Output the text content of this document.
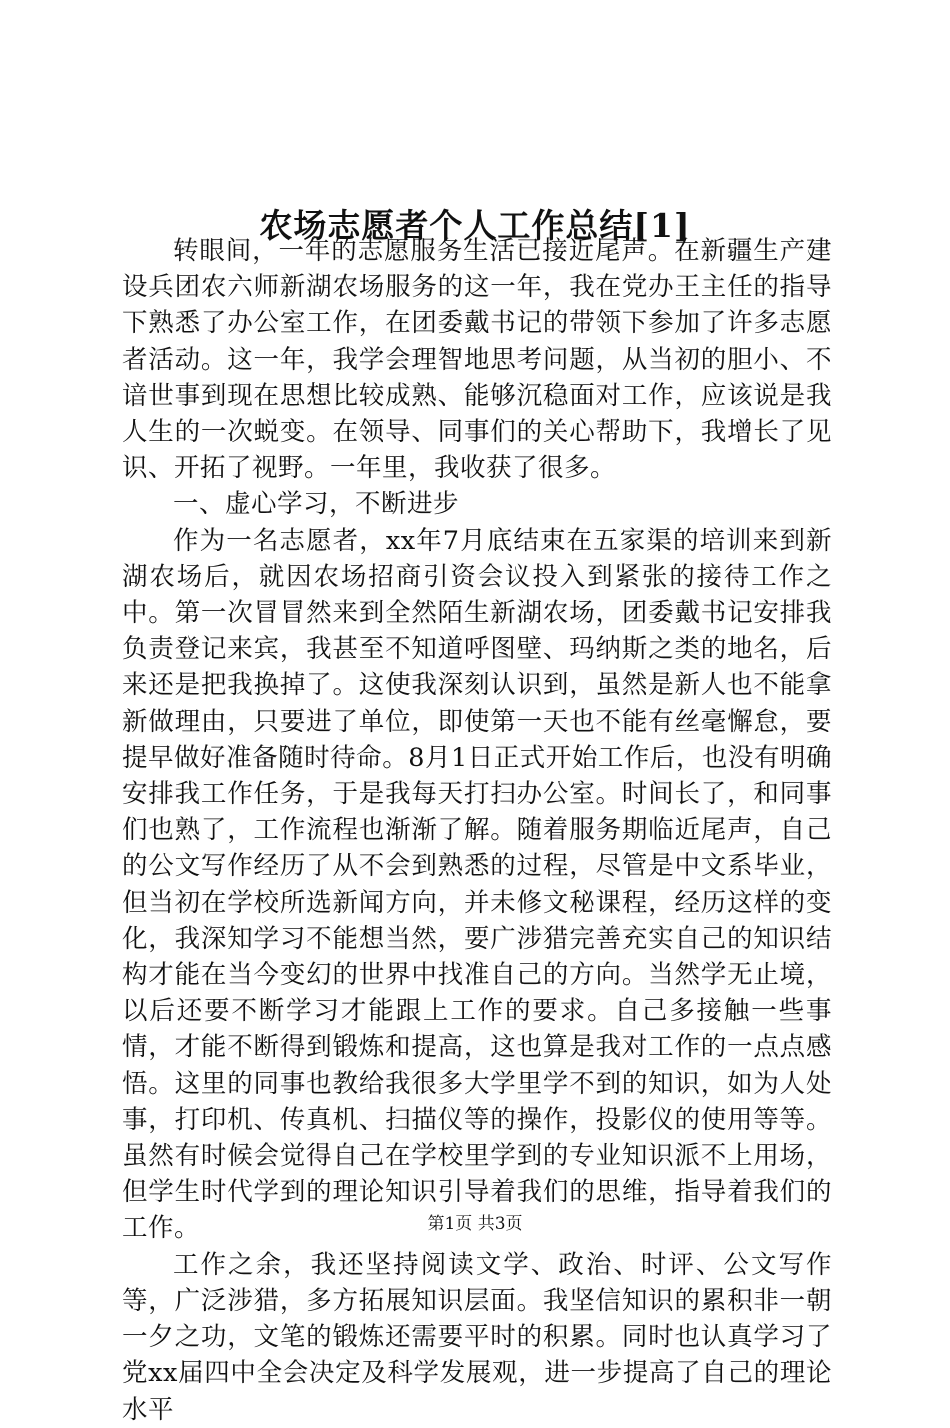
农场志愿者个人工作总结[1]

转眼间，一年的志愿服务生活已接近尾声。在新疆生产建设兵团农六师新湖农场服务的这一年，我在党办王主任的指导下熟悉了办公室工作，在团委戴书记的带领下参加了许多志愿者活动。这一年，我学会理智地思考问题，从当初的胆小、不谙世事到现在思想比较成熟、能够沉稳面对工作，应该说是我人生的一次蜕变。在领导、同事们的关心帮助下，我增长了见识、开拓了视野。一年里，我收获了很多。

一、虚心学习，不断进步

作为一名志愿者，xx年7月底结束在五家渠的培训来到新湖农场后，就因农场招商引资会议投入到紧张的接待工作之中。第一次冒冒然来到全然陌生新湖农场，团委戴书记安排我负责登记来宾，我甚至不知道呼图壁、玛纳斯之类的地名，后来还是把我换掉了。这使我深刻认识到，虽然是新人也不能拿新做理由，只要进了单位，即使第一天也不能有丝毫懈怠，要提早做好准备随时待命。8月1日正式开始工作后，也没有明确安排我工作任务，于是我每天打扫办公室。时间长了，和同事们也熟了，工作流程也渐渐了解。随着服务期临近尾声，自己的公文写作经历了从不会到熟悉的过程，尽管是中文系毕业，但当初在学校所选新闻方向，并未修文秘课程，经历这样的变化，我深知学习不能想当然，要广涉猎完善充实自己的知识结构才能在当今变幻的世界中找准自己的方向。当然学无止境，以后还要不断学习才能跟上工作的要求。自己多接触一些事情，才能不断得到锻炼和提高，这也算是我对工作的一点点感悟。这里的同事也教给我很多大学里学不到的知识，如为人处事，打印机、传真机、扫描仪等的操作，投影仪的使用等等。虽然有时候会觉得自己在学校里学到的专业知识派不上用场，但学生时代学到的理论知识引导着我们的思维，指导着我们的工作。

工作之余，我还坚持阅读文学、政治、时评、公文写作等，广泛涉猎，多方拓展知识层面。我坚信知识的累积非一朝一夕之功，文笔的锻炼还需要平时的积累。同时也认真学习了党xx届四中全会决定及科学发展观，进一步提高了自己的理论水平

第1页 共3页
